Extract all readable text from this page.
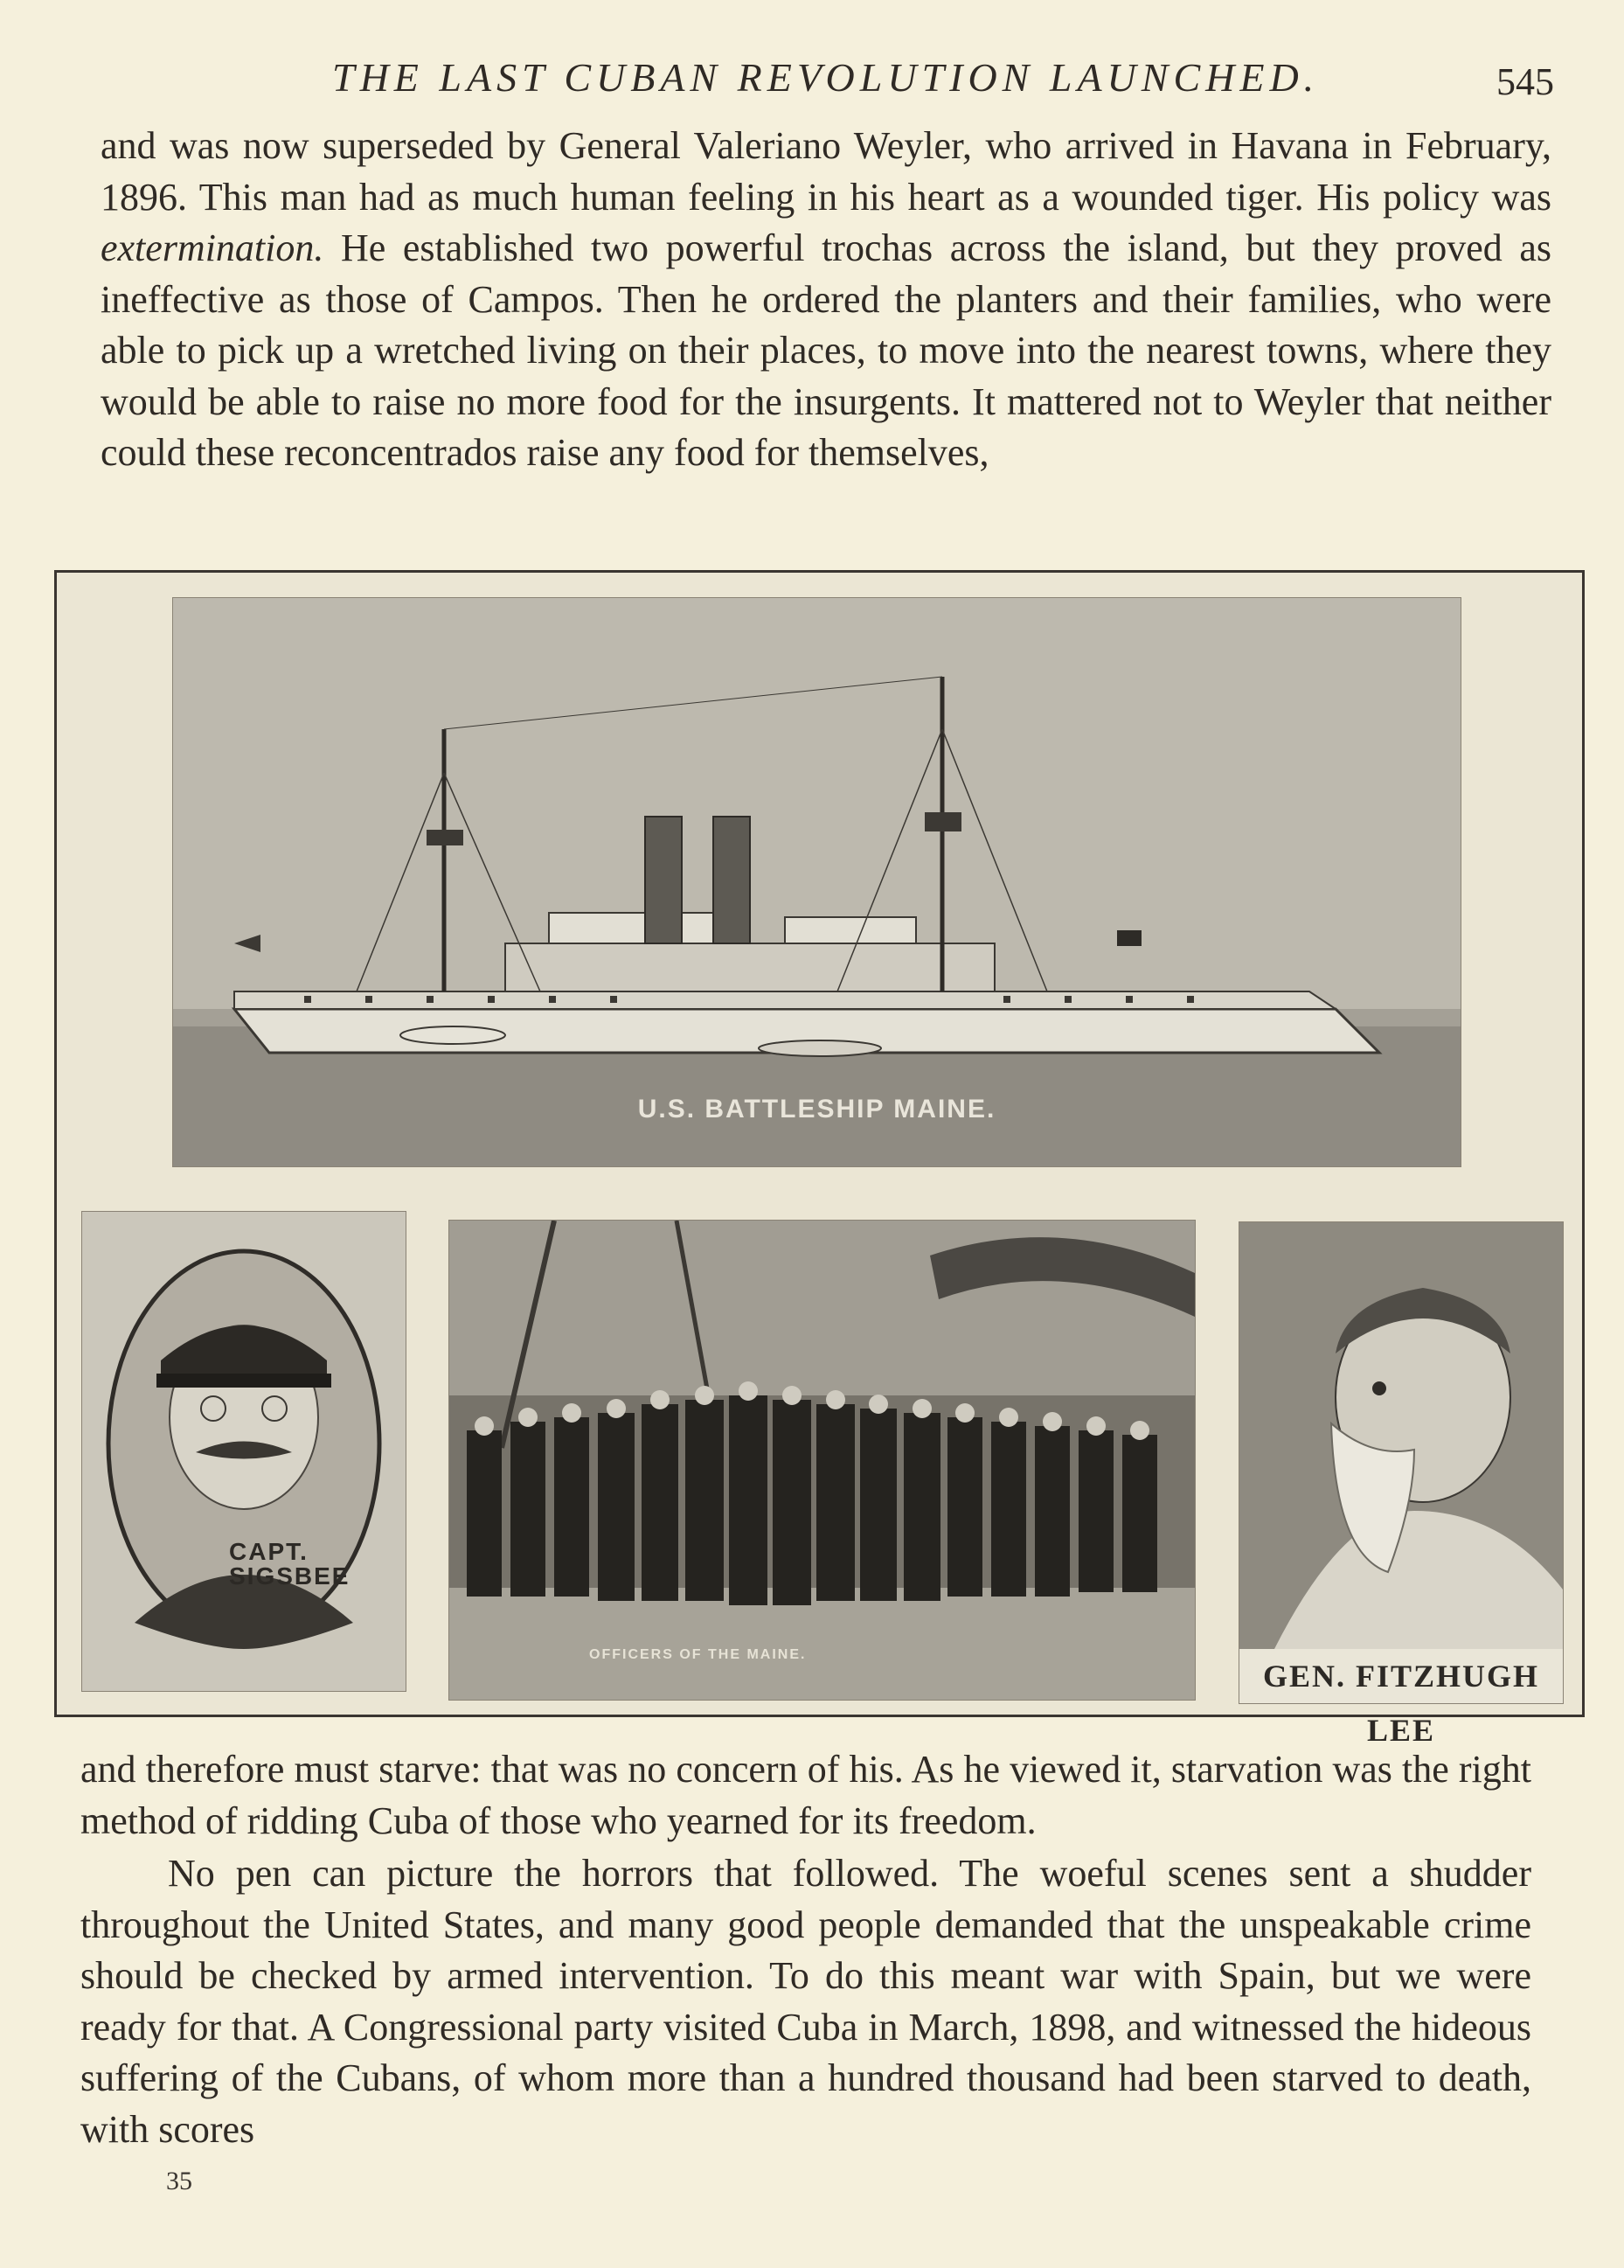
THE LAST CUBAN REVOLUTION LAUNCHED.	545

and was now superseded by General Valeriano Weyler, who arrived in Havana in February, 1896. This man had as much human feeling in his heart as a wounded tiger. His policy was extermination. He established two powerful trochas across the island, but they proved as ineffective as those of Campos. Then he ordered the planters and their families, who were able to pick up a wretched living on their places, to move into the nearest towns, where they would be able to raise no more food for the insurgents. It mattered not to Weyler that neither could these reconcentrados raise any food for themselves,

U.S. BATTLESHIP MAINE.
CAPT. SIGSBEE
OFFICERS OF THE MAINE.
GEN. FITZHUGH LEE

and therefore must starve: that was no concern of his. As he viewed it, starvation was the right method of ridding Cuba of those who yearned for its freedom.

No pen can picture the horrors that followed. The woeful scenes sent a shudder throughout the United States, and many good people demanded that the unspeakable crime should be checked by armed intervention. To do this meant war with Spain, but we were ready for that. A Congressional party visited Cuba in March, 1898, and witnessed the hideous suffering of the Cubans, of whom more than a hundred thousand had been starved to death, with scores

35
